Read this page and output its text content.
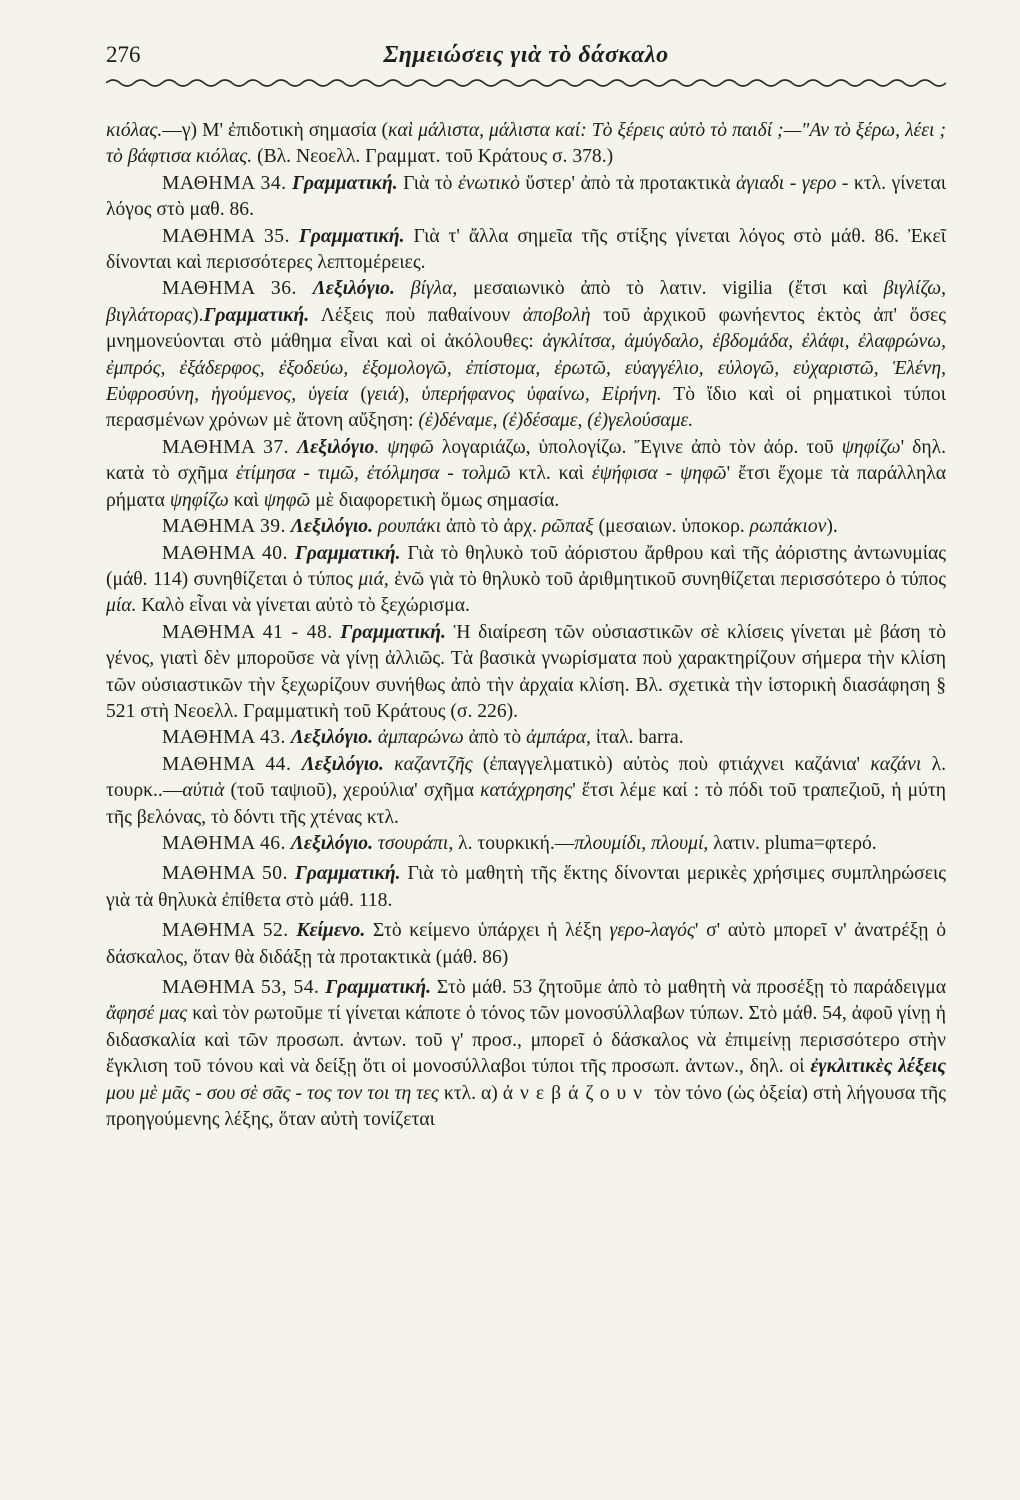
276	Σημειώσεις γιὰ τὸ δάσκαλο

κιόλας.—γ) Μ' ἐπιδοτικὴ σημασία (καὶ μάλιστα, μάλιστα καί: Τὸ ξέρεις αὐτὸ τὸ παιδί ;—"Αν τὸ ξέρω, λέει ; τὸ βάφτισα κιόλας. (Βλ. Νεοελλ. Γραμματ. τοῦ Κράτους σ. 378.)

ΜΑΘΗΜΑ 34. Γραμματική. Γιὰ τὸ ἐνωτικὸ ὕστερ' ἀπὸ τὰ προτακτικὰ ἀγιαδι - γερο - κτλ. γίνεται λόγος στὸ μαθ. 86.

ΜΑΘΗΜΑ 35. Γραμματική. Γιὰ τ' ἄλλα σημεῖα τῆς στίξης γίνεται λόγος στὸ μάθ. 86. Ἐκεῖ δίνονται καὶ περισσότερες λεπτομέρειες.

ΜΑΘΗΜΑ 36. Λεξιλόγιο. βίγλα, μεσαιωνικὸ ἀπὸ τὸ λατιν. vigilia (ἔτσι καὶ βιγλίζω, βιγλάτορας).Γραμματική. Λέξεις ποὺ παθαίνουν ἀποβολὴ τοῦ ἀρχικοῦ φωνήεντος ἐκτὸς ἀπ' ὅσες μνημονεύονται στὸ μάθημα εἶναι καὶ οἱ ἀκόλουθες: ἀγκλίτσα, ἀμύγδαλο, ἑβδομάδα, ἐλάφι, ἐλαφρώνω, ἐμπρός, ἐξάδερφος, ἐξοδεύω, ἐξομολογῶ, ἐπίστομα, ἐρωτῶ, εὐαγγέλιο, εὐλογῶ, εὐχαριστῶ, Ἑλένη, Εὐφροσύνη, ἡγούμενος, ὑγεία (γειά), ὑπερήφανος ὑφαίνω, Εἰρήνη. Τὸ ἴδιο καὶ οἱ ρηματικοὶ τύποι περασμένων χρόνων μὲ ἄτονη αὔξηση: (ἐ)δέναμε, (ἐ)δέσαμε, (ἐ)γελούσαμε.

ΜΑΘΗΜΑ 37. Λεξιλόγιο. ψηφῶ λογαριάζω, ὑπολογίζω. Ἔγινε ἀπὸ τὸν ἀόρ. τοῦ ψηφίζω' δηλ. κατὰ τὸ σχῆμα ἐτίμησα - τιμῶ, ἐτόλμησα - τολμῶ κτλ. καὶ ἐψήφισα - ψηφῶ' ἔτσι ἔχομε τὰ παράλληλα ρήματα ψηφίζω καὶ ψηφῶ μὲ διαφορετικὴ ὅμως σημασία.

ΜΑΘΗΜΑ 39. Λεξιλόγιο. ρουπάκι ἀπὸ τὸ ἀρχ. ρῶπαξ (μεσαιων. ὑποκορ. ρωπάκιον).

ΜΑΘΗΜΑ 40. Γραμματική. Γιὰ τὸ θηλυκὸ τοῦ ἀόριστου ἄρθρου καὶ τῆς ἀόριστης ἀντωνυμίας (μάθ. 114) συνηθίζεται ὁ τύπος μιά, ἐνῶ γιὰ τὸ θηλυκὸ τοῦ ἀριθμητικοῦ συνηθίζεται περισσότερο ὁ τύπος μία. Καλὸ εἶναι νὰ γίνεται αὐτὸ τὸ ξεχώρισμα.

ΜΑΘΗΜΑ 41 - 48. Γραμματική. Ἡ διαίρεση τῶν οὐσιαστικῶν σὲ κλίσεις γίνεται μὲ βάση τὸ γένος, γιατὶ δὲν μποροῦσε νὰ γίνῃ ἀλλιῶς. Τὰ βασικὰ γνωρίσματα ποὺ χαρακτηρίζουν σήμερα τὴν κλίση τῶν οὐσιαστικῶν τὴν ξεχωρίζουν συνήθως ἀπὸ τὴν ἀρχαία κλίση. Βλ. σχετικὰ τὴν ἱστορικὴ διασάφηση § 521 στὴ Νεοελλ. Γραμματικὴ τοῦ Κράτους (σ. 226).

ΜΑΘΗΜΑ 43. Λεξιλόγιο. ἀμπαρώνω ἀπὸ τὸ ἀμπάρα, ἰταλ. barra.

ΜΑΘΗΜΑ 44. Λεξιλόγιο. καζαντζῆς (ἐπαγγελματικὸ) αὐτὸς ποὺ φτιάχνει καζάνια' καζάνι λ. τουρκ..—αὐτιὰ (τοῦ ταψιοῦ), χερούλια' σχῆμα κατάχρησης' ἔτσι λέμε καί : τὸ πόδι τοῦ τραπεζιοῦ, ἡ μύτη τῆς βελόνας, τὸ δόντι τῆς χτένας κτλ.

ΜΑΘΗΜΑ 46. Λεξιλόγιο. τσουράπι, λ. τουρκική.—πλουμίδι, πλουμί, λατιν. pluma=φτερό.

ΜΑΘΗΜΑ 50. Γραμματική. Γιὰ τὸ μαθητὴ τῆς ἕκτης δίνονται μερικὲς χρήσιμες συμπληρώσεις γιὰ τὰ θηλυκὰ ἐπίθετα στὸ μάθ. 118.

ΜΑΘΗΜΑ 52. Κείμενο. Στὸ κείμενο ὑπάρχει ἡ λέξη γερο-λαγός' σ' αὐτὸ μπορεῖ ν' ἀνατρέξῃ ὁ δάσκαλος, ὅταν θὰ διδάξῃ τὰ προτακτικὰ (μάθ. 86)

ΜΑΘΗΜΑ 53, 54. Γραμματική. Στὸ μάθ. 53 ζητοῦμε ἀπὸ τὸ μαθητὴ νὰ προσέξῃ τὸ παράδειγμα ἄφησέ μας καὶ τὸν ρωτοῦμε τί γίνεται κάποτε ὁ τόνος τῶν μονοσύλλαβων τύπων. Στὸ μάθ. 54, ἀφοῦ γίνῃ ἡ διδασκαλία καὶ τῶν προσωπ. ἀντων. τοῦ γ' προσ., μπορεῖ ὁ δάσκαλος νὰ ἐπιμείνῃ περισσότερο στὴν ἔγκλιση τοῦ τόνου καὶ νὰ δείξῃ ὅτι οἱ μονοσύλλαβοι τύποι τῆς προσωπ. ἀντων., δηλ. οἱ ἐγκλιτικὲς λέξεις μου μὲ μᾶς - σου σὲ σᾶς - τος τον τοι τη τες κτλ. α) ἀνεβάζουν τὸν τόνο (ὡς ὀξεία) στὴ λήγουσα τῆς προηγούμενης λέξης, ὅταν αὐτὴ τονίζεται
